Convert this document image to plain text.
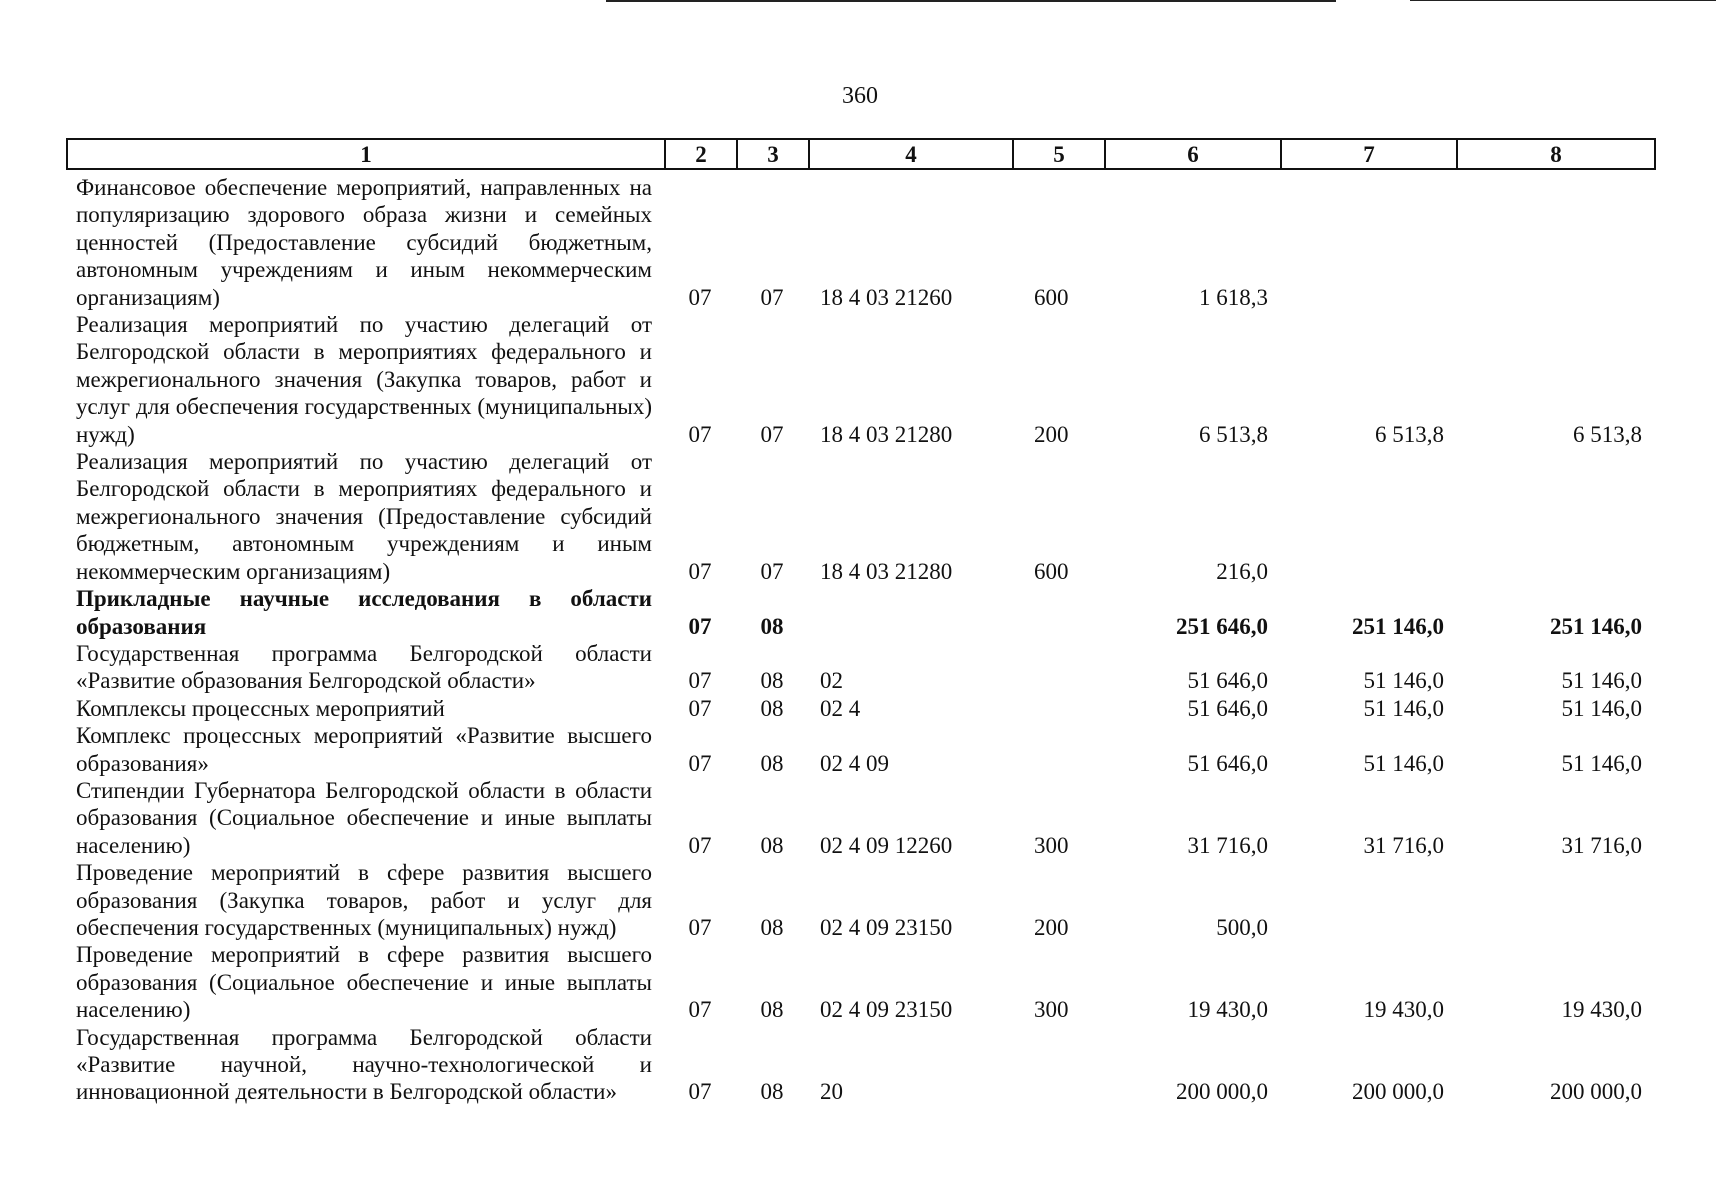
360
1	2	3	4	5	6	7	8
Финансовое обеспечение мероприятий, направленных на популяризацию здорового образа жизни и семейных ценностей (Предоставление субсидий бюджетным, автономным учреждениям и иным некоммерческим организациям)	07	07	18 4 03 21260	600	1 618,3		
Реализация мероприятий по участию делегаций от Белгородской области в мероприятиях федерального и межрегионального значения (Закупка товаров, работ и услуг для обеспечения государственных (муниципальных) нужд)	07	07	18 4 03 21280	200	6 513,8	6 513,8	6 513,8
Реализация мероприятий по участию делегаций от Белгородской области в мероприятиях федерального и межрегионального значения (Предоставление субсидий бюджетным, автономным учреждениям и иным некоммерческим организациям)	07	07	18 4 03 21280	600	216,0		
Прикладные научные исследования в области образования	07	08			251 646,0	251 146,0	251 146,0
Государственная программа Белгородской области «Развитие образования Белгородской области»	07	08	02		51 646,0	51 146,0	51 146,0
Комплексы процессных мероприятий	07	08	02 4		51 646,0	51 146,0	51 146,0
Комплекс процессных мероприятий «Развитие высшего образования»	07	08	02 4 09		51 646,0	51 146,0	51 146,0
Стипендии Губернатора Белгородской области в области образования (Социальное обеспечение и иные выплаты населению)	07	08	02 4 09 12260	300	31 716,0	31 716,0	31 716,0
Проведение мероприятий в сфере развития высшего образования (Закупка товаров, работ и услуг для обеспечения государственных (муниципальных) нужд)	07	08	02 4 09 23150	200	500,0		
Проведение мероприятий в сфере развития высшего образования (Социальное обеспечение и иные выплаты населению)	07	08	02 4 09 23150	300	19 430,0	19 430,0	19 430,0
Государственная программа Белгородской области «Развитие научной, научно-технологической и инновационной деятельности в Белгородской области»	07	08	20		200 000,0	200 000,0	200 000,0
